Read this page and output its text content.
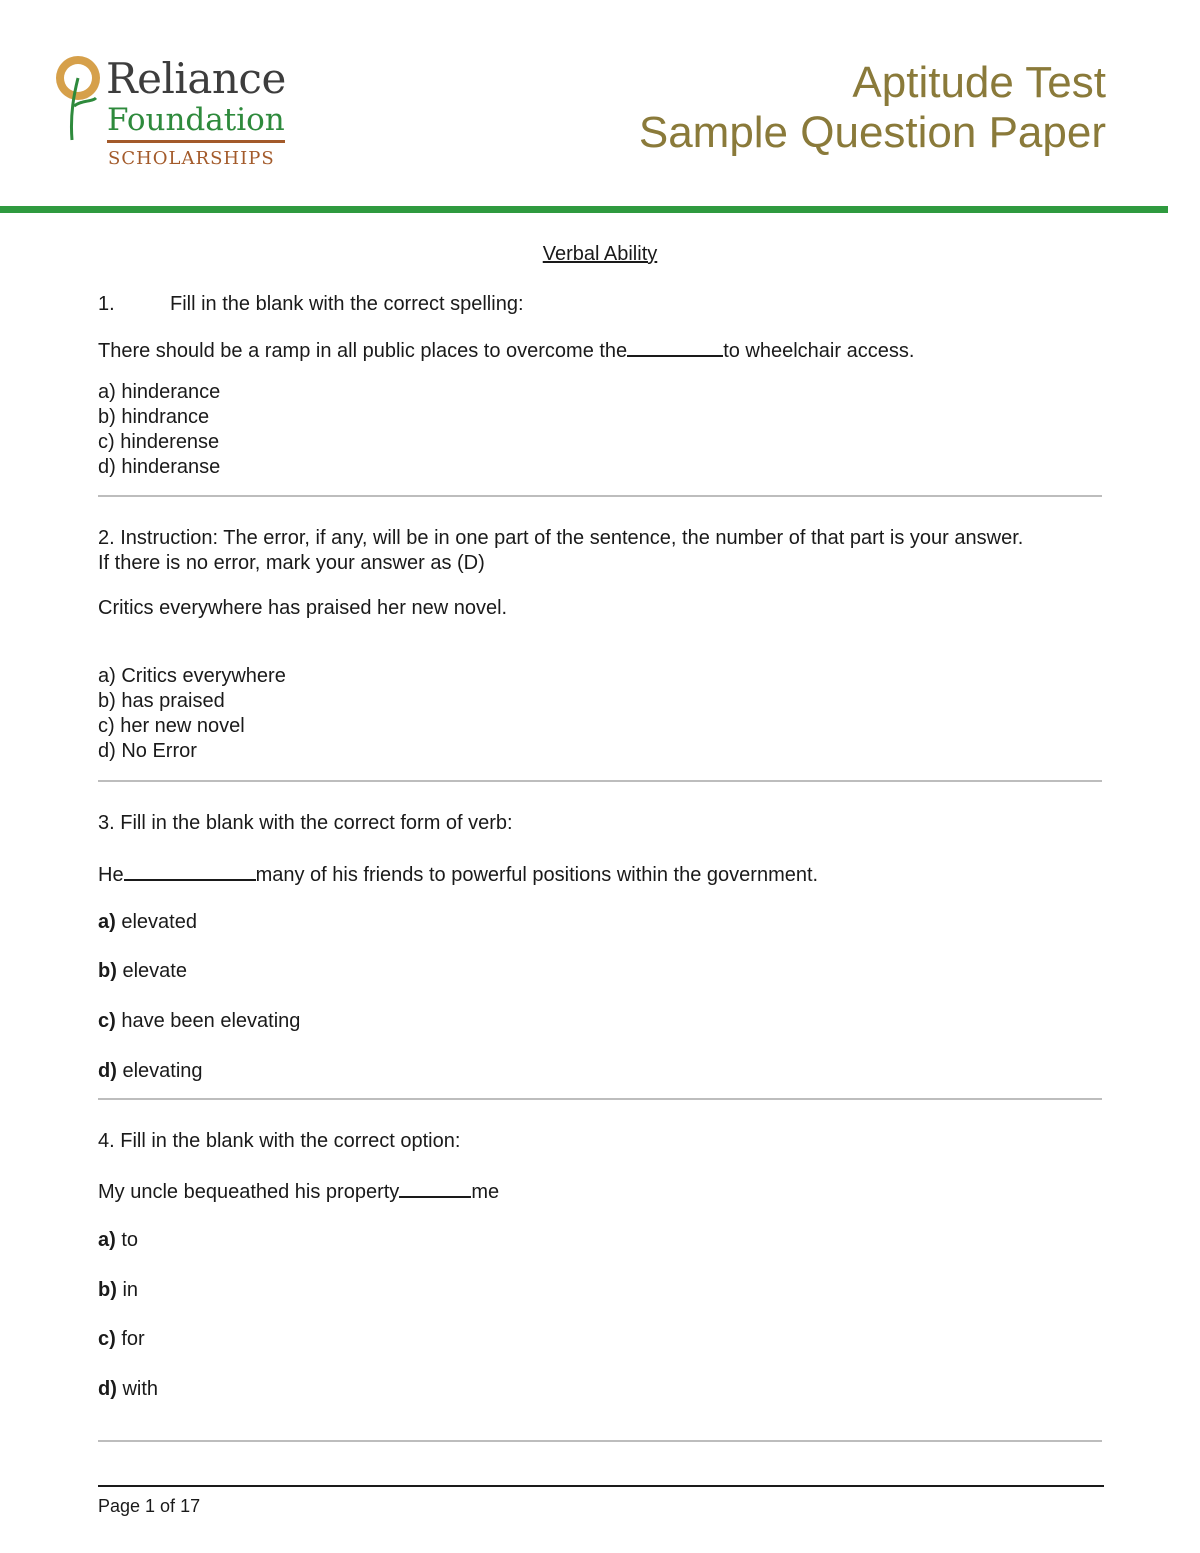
Reliance
Foundation
SCHOLARSHIPS
Aptitude Test
Sample Question Paper
Verbal Ability
1.	Fill in the blank with the correct spelling:
There should be a ramp in all public places to overcome the	to wheelchair access.
a) hinderance
b) hindrance
c) hinderense
d) hinderanse
2. Instruction: The error, if any, will be in one part of the sentence, the number of that part is your answer.
If there is no error, mark your answer as (D)
Critics everywhere has praised her new novel.
a) Critics everywhere
b) has praised
c) her new novel
d) No Error
3. Fill in the blank with the correct form of verb:
He	many of his friends to powerful positions within the government.
a) elevated
b) elevate
c) have been elevating
d) elevating
4. Fill in the blank with the correct option:
My uncle bequeathed his property	me
a) to
b) in
c) for
d) with
Page 1 of 17
